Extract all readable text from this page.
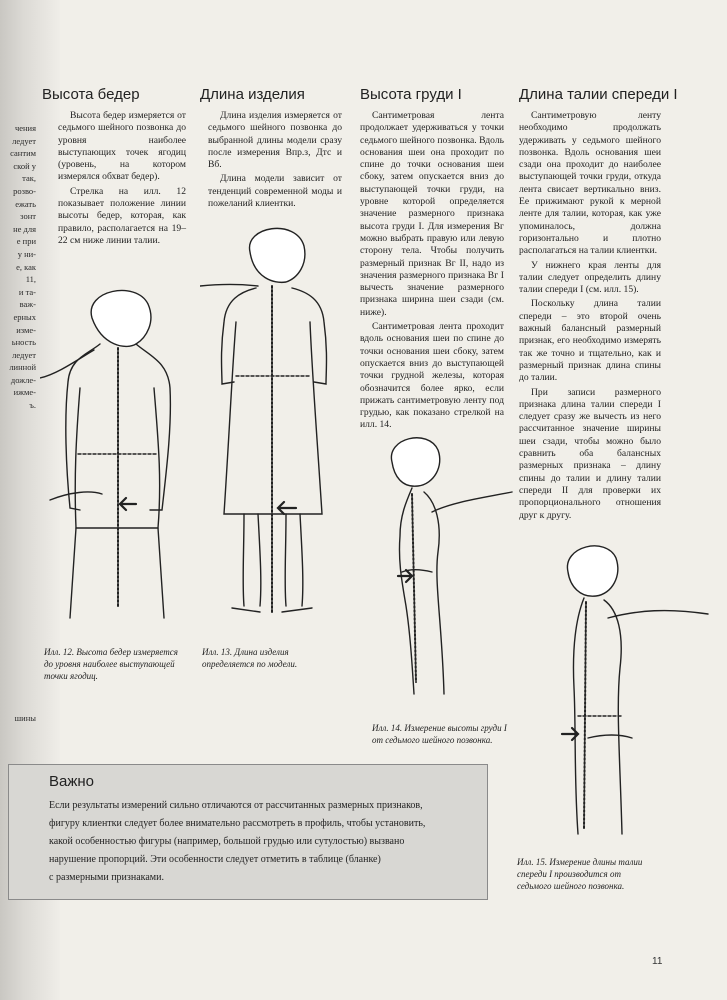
чения
ледует
сантим
ской у
так,
розво-
ежать
зонт
не для
е при
у ни-
е, как
11,
и та-
важ-
ерных
изме-
ьность
ледует
линной
дожле-
ижме-
ъ.
шины
Высота бедер

Высота бедер измеряется от седьмого шейного позвонка до уровня наиболее выступающих точек ягодиц (уровень, на котором измерялся обхват бедер).

Стрелка на илл. 12 показывает положение линии высоты бедер, которая, как правило, располагается на 19–22 см ниже линии талии.

Длина изделия

Длина изделия измеряется от седьмого шейного позвонка до выбранной длины модели сразу после измерения Впр.з, Дтс и Вб.

Длина модели зависит от тенденций современной моды и пожеланий клиентки.

Высота груди I

Сантиметровая лента продолжает удерживаться у точки седьмого шейного позвонка. Вдоль основания шеи она проходит по спине до точки основания шеи сбоку, затем опускается вниз до выступающей точки груди, на уровне которой определяется значение размерного признака высота груди I. Для измерения Вг можно выбрать правую или левую сторону тела. Чтобы получить размерный признак Вг II, надо из значения размерного признака Вг I вычесть значение размерного признака ширина шеи сзади (см. ниже).

Сантиметровая лента проходит вдоль основания шеи по спине до точки основания шеи сбоку, затем опускается вниз до выступающей точки грудной железы, которая обозначится более ярко, если прижать сантиметровую ленту под грудью, как показано стрелкой на илл. 14.

Длина талии спереди I

Сантиметровую ленту необходимо продолжать удерживать у седьмого шейного позвонка. Вдоль основания шеи сзади она проходит до наиболее выступающей точки груди, откуда лента свисает вертикально вниз. Ее прижимают рукой к мерной ленте для талии, которая, как уже упоминалось, должна горизонтально и плотно располагаться на талии клиентки.

У нижнего края ленты для талии следует определить длину талии спереди I (см. илл. 15).

Поскольку длина талии спереди – это второй очень важный балансный размерный признак, его необходимо измерять так же точно и тщательно, как и размерный признак длина спины до талии.

При записи размерного признака длина талии спереди I следует сразу же вычесть из него рассчитанное значение ширины шеи сзади, чтобы можно было сравнить оба балансных размерных признака – длину спины до талии и длину талии спереди II для проверки их пропорционального отношения друг к другу.

Илл. 12. Высота бедер измеряется
до уровня наиболее выступающей
точки ягодиц.
Илл. 13. Длина изделия
определяется по модели.
Илл. 14. Измерение высоты груди I
от седьмого шейного позвонка.
Илл. 15. Измерение длины талии
спереди I производится от
седьмого шейного позвонка.
Важно
Если результаты измерений сильно отличаются от рассчитанных размерных признаков,
фигуру клиентки следует более внимательно рассмотреть в профиль, чтобы установить,
какой особенностью фигуры (например, большой грудью или сутулостью) вызвано
нарушение пропорций. Эти особенности следует отметить в таблице (бланке)
с размерными признаками.
11
